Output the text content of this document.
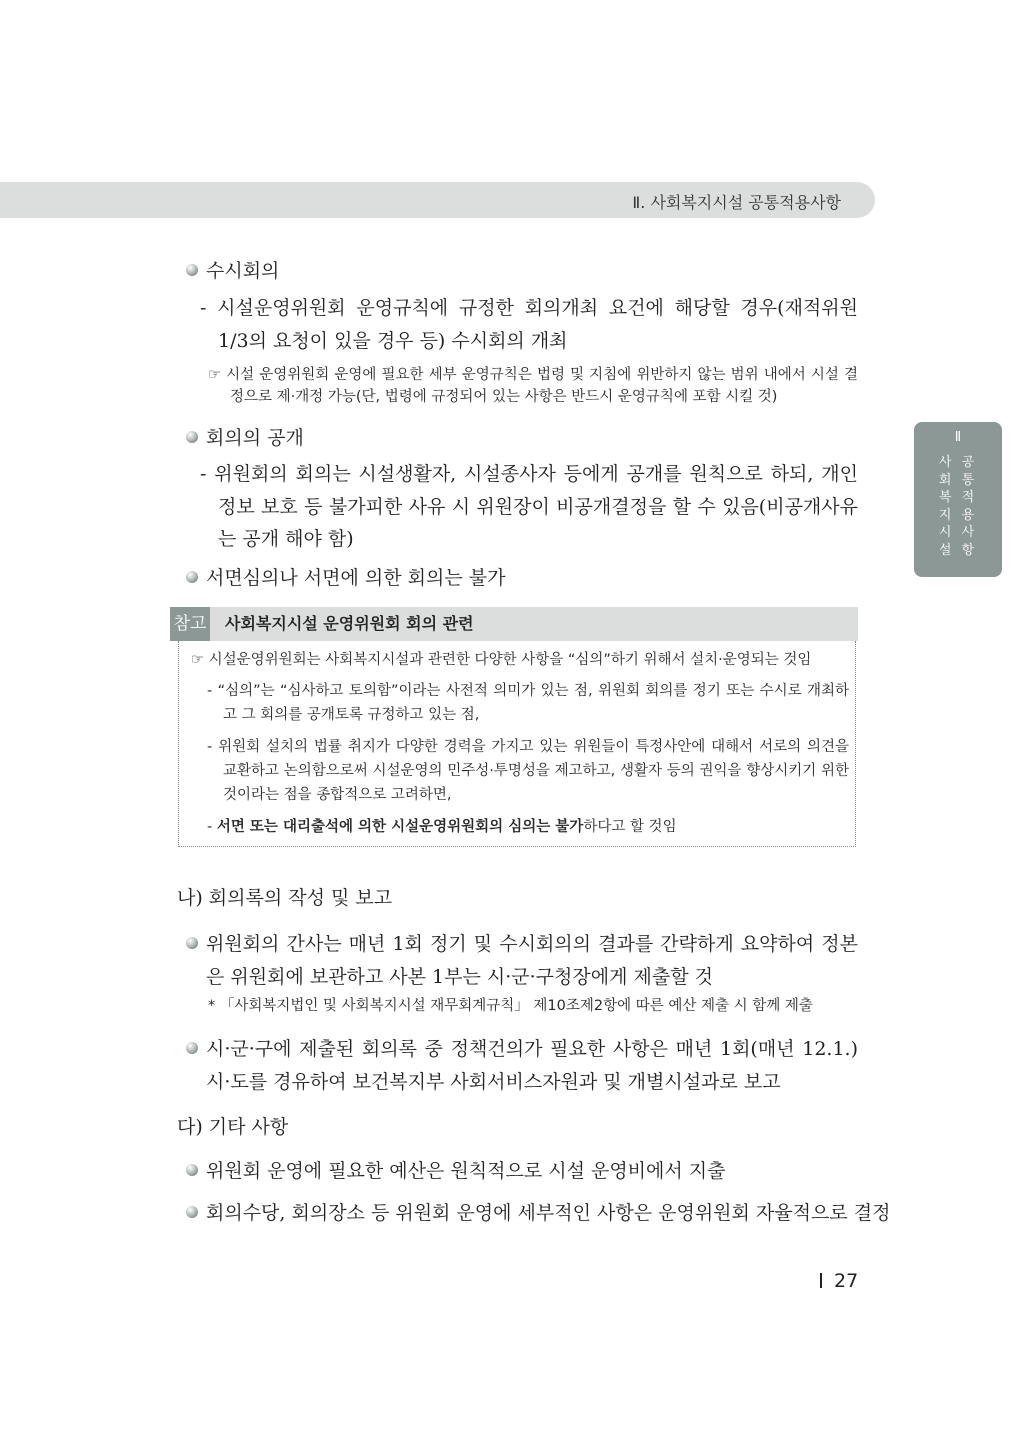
Ⅱ. 사회복지시설 공통적용사항
Ⅱ
사 공
회 통
복 적
지 용
시 사
설 항
수시회의
- 시설운영위원회 운영규칙에 규정한 회의개최 요건에 해당할 경우(재적위원 1/3의 요청이 있을 경우 등) 수시회의 개최
☞ 시설 운영위원회 운영에 필요한 세부 운영규칙은 법령 및 지침에 위반하지 않는 범위 내에서 시설 결정으로 제·개정 가능(단, 법령에 규정되어 있는 사항은 반드시 운영규칙에 포함 시킬 것)
회의의 공개
- 위원회의 회의는 시설생활자, 시설종사자 등에게 공개를 원칙으로 하되, 개인 정보 보호 등 불가피한 사유 시 위원장이 비공개결정을 할 수 있음(비공개사유는 공개 해야 함)
서면심의나 서면에 의한 회의는 불가
참고 사회복지시설 운영위원회 회의 관련
☞ 시설운영위원회는 사회복지시설과 관련한 다양한 사항을 “심의”하기 위해서 설치·운영되는 것임
- “심의”는 “심사하고 토의함”이라는 사전적 의미가 있는 점, 위원회 회의를 정기 또는 수시로 개최하고 그 회의를 공개토록 규정하고 있는 점,
- 위원회 설치의 법률 취지가 다양한 경력을 가지고 있는 위원들이 특정사안에 대해서 서로의 의견을 교환하고 논의함으로써 시설운영의 민주성·투명성을 제고하고, 생활자 등의 권익을 향상시키기 위한 것이라는 점을 종합적으로 고려하면,
- 서면 또는 대리출석에 의한 시설운영위원회의 심의는 불가하다고 할 것임
나) 회의록의 작성 및 보고
위원회의 간사는 매년 1회 정기 및 수시회의의 결과를 간략하게 요약하여 정본은 위원회에 보관하고 사본 1부는 시·군·구청장에게 제출할 것
* 「사회복지법인 및 사회복지시설 재무회계규칙」 제10조제2항에 따른 예산 제출 시 함께 제출
시·군·구에 제출된 회의록 중 정책건의가 필요한 사항은 매년 1회(매년 12.1.) 시·도를 경유하여 보건복지부 사회서비스자원과 및 개별시설과로 보고
다) 기타 사항
위원회 운영에 필요한 예산은 원칙적으로 시설 운영비에서 지출
회의수당, 회의장소 등 위원회 운영에 세부적인 사항은 운영위원회 자율적으로 결정
27
